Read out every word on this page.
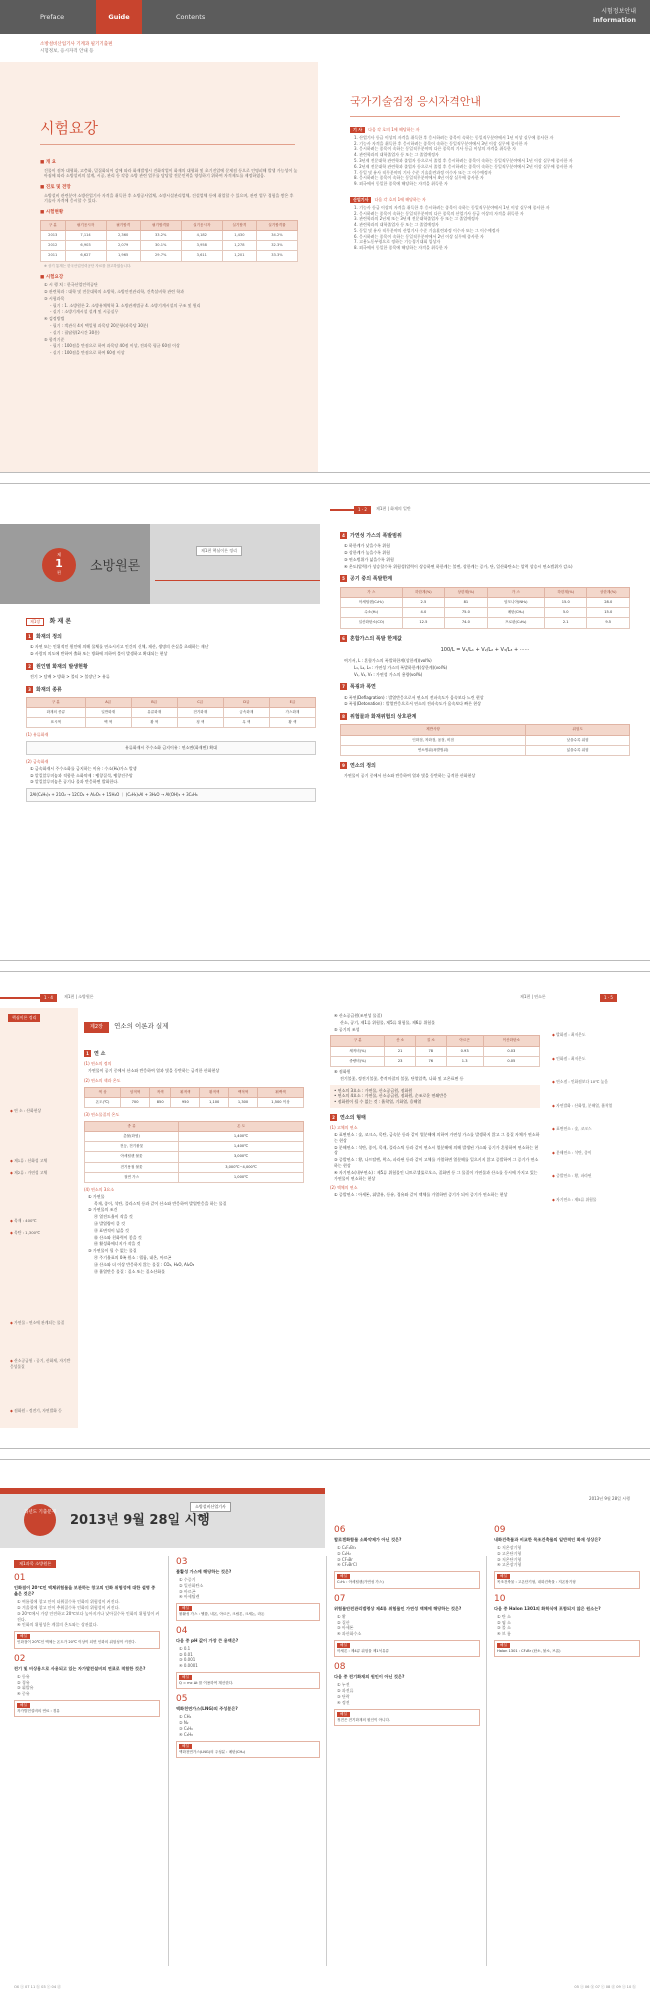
Preface	Guide	Contents
시험정보안내
information
소방설비산업기사 기계과 필기기출편
시험정보, 응시자격 안내 등
시험요강
■ 개 요
건물이 점차 대형화, 고층화, 밀집화되어 감에 따라 화재발생시 진화작업이 화재의 대형화 및 초기진압에 문제점 등으로 인명피해 발생 가능성이 높아짐에 따라 소방설비의 설계, 시공, 관리 등 각종 소방 관련 업무를 담당할 전문인력을 양성하기 위하여 자격제도를 제정하였음.
■ 진로 및 전망
소방설비 관련분야 소방산업기사 자격을 취득한 후 소방공사업체, 소방시설관리업체, 건설업체 등에 취업할 수 있으며, 관련 업무 경험을 쌓은 후 기술사 자격에 응시할 수 있다.
■ 시험현황
구 분	필기응시자	필기합격	필기합격률	실기응시자	실기합격	실기합격률
2013	7,114	2,360	33.2%	4,182	1,430	34.2%
2012	6,903	2,079	30.1%	3,958	1,278	32.3%
2011	6,627	1,965	29.7%	3,611	1,201	33.3%
※ 상기 통계는 한국산업인력공단 자료를 참고하였습니다.
■ 시험요강
① 시 행 처 : 한국산업인력공단
② 관련학과 : 대학 및 전문대학의 소방학, 소방안전관리학, 건축설비학 관련 학과
③ 시험과목
- 필기 : 1. 소방원론 2. 소방유체역학 3. 소방관계법규 4. 소방기계시설의 구조 및 원리
- 실기 : 소방기계시설 설계 및 시공실무
④ 검정방법
- 필기 : 객관식 4지 택일형 과목당 20문항(과목당 30분)
- 실기 : 필답형(2시간 30분)
⑤ 합격기준
- 필기 : 100점을 만점으로 하여 과목당 40점 이상, 전과목 평균 60점 이상
- 실기 : 100점을 만점으로 하여 60점 이상
국가기술검정 응시자격안내
기 사 다음 각 호의 1에 해당하는 자
1. 산업기사 등급 이상의 자격을 취득한 후 응시하려는 종목이 속하는 동일직무분야에서 1년 이상 실무에 종사한 자
2. 기능사 자격을 취득한 후 응시하려는 종목이 속하는 동일직무분야에서 3년 이상 실무에 종사한 자
3. 응시하려는 종목이 속하는 동일직무분야의 다른 종목의 기사 등급 이상의 자격을 취득한 자
4. 관련학과의 대학졸업자 등 또는 그 졸업예정자
5. 3년제 전문대학 관련학과 졸업자 등으로서 졸업 후 응시하려는 종목이 속하는 동일직무분야에서 1년 이상 실무에 종사한 자
6. 2년제 전문대학 관련학과 졸업자 등으로서 졸업 후 응시하려는 종목이 속하는 동일직무분야에서 2년 이상 실무에 종사한 자
7. 동일 및 유사 직무분야의 기사 수준 기술훈련과정 이수자 또는 그 이수예정자
8. 응시하려는 종목이 속하는 동일직무분야에서 4년 이상 실무에 종사한 자
9. 외국에서 동일한 종목에 해당하는 자격을 취득한 자
산업기사 다음 각 호의 1에 해당하는 자
1. 기능사 등급 이상의 자격을 취득한 후 응시하려는 종목이 속하는 동일직무분야에서 1년 이상 실무에 종사한 자
2. 응시하려는 종목이 속하는 동일직무분야의 다른 종목의 산업기사 등급 이상의 자격을 취득한 자
3. 관련학과의 2년제 또는 3년제 전문대학졸업자 등 또는 그 졸업예정자
4. 관련학과의 대학졸업자 등 또는 그 졸업예정자
5. 동일 및 유사 직무분야의 산업기사 수준 기술훈련과정 이수자 또는 그 이수예정자
6. 응시하려는 종목이 속하는 동일직무분야에서 2년 이상 실무에 종사한 자
7. 고용노동부령으로 정하는 기능경기대회 입상자
8. 외국에서 동일한 종목에 해당하는 자격을 취득한 자
1 · 2	제1편 | 화재의 일반
제
1
편
제1편 핵심이론 정리
소방원론
제1장 화 재 론
1 화재의 정의
① 자연 또는 인위적인 원인에 의해 물체를 연소시키고 인간의 신체, 재산, 생명의 손실을 초래하는 재난
② 사람의 의도에 반하여 출화 또는 방화에 의하여 불이 발생하고 확대되는 현상
2 원인별 화재의 발생현황
전기 > 담배 > 방화 > 불티 > 불장난 > 유류
3 화재의 종류
구 분	A급	B급	C급	D급	E급
화재의 종류	일반화재	유류화재	전기화재	금속화재	가스화재
표시색	백 색	황 색	청 색	무 색	황 색
(1) 유류화재
유류화재시 주수소화 금지이유 : 연소면(화재면) 확대
(2) 금속화재
① 금속화재시 주수소화를 금지하는 이유 : 수소(H₂)가스 발생
② 알킬알루미늄과 적합한 소화약제 : 팽창질석, 팽창진주암
③ 알킬알루미늄은 공기나 물과 반응하면 발화한다.
2Al(C₂H₅)₃ + 21O₂ → 12CO₂ + Al₂O₃ + 15H₂O ｜ (C₂H₅)₃Al + 3H₂O → Al(OH)₃ + 3C₂H₆
4 가연성 가스의 폭발범위
① 하한계가 낮을수록 위험
② 상한계가 높을수록 위험
③ 연소범위가 넓을수록 위험
④ 온도(압력)가 상승할수록 위험성(압력이 상승하면 하한계는 불변, 상한계는 증가, 단, 일산화탄소는 압력 상승시 연소범위가 감소)
5 공기 중의 폭발한계
가 스	하한계(%)	상한계(%)	가 스	하한계(%)	상한계(%)
아세틸렌(C₂H₂)	2.5	81	암모니아(NH₃)	15.0	28.0
수소(H₂)	4.0	75.0	메탄(CH₄)	5.0	15.0
일산화탄소(CO)	12.5	74.0	프로판(C₃H₈)	2.1	9.5
6 혼합가스의 폭발 한계값
100/L = V₁/L₁ + V₂/L₂ + V₃/L₃ + ······
여기서, L : 혼합가스의 폭발하한계(상한계)(vol%)
L₁, L₂, L₃ : 가연성 가스의 폭발하한계(상한계)(vol%)
V₁, V₂, V₃ : 가연성 가스의 용량(vol%)
7 폭굉과 폭연
① 폭연(Deflagration) : 발열반응으로서 연소의 전파속도가 음속보다 느린 현상
② 폭굉(Detonation) : 발열반응으로서 연소의 전파속도가 음속보다 빠른 현상
8 위험물과 화재위험의 상호관계
제반사항	위험도
인화점, 착화점, 융점, 비점	낮을수록 위험
연소범위(폭발범위)	넓을수록 위험
9 연소의 정의
가연물이 공기 중에서 산소와 반응하여 열과 빛을 동반하는 급격한 산화현상
1 · 4	제1편 | 소방원론	제1편 | 연소론	1 · 5
핵심이론 정리
◆ 연 소 : 산화현상
◆ 제1류 : 산화성 고체
◆ 제2류 : 가연성 고체
◆ 목재 : 400℃
◆ 목탄 : 1,300℃
◆ 가연물 : 연소에 관계되는 물질
◆ 산소공급원 : 공기, 산화제, 자기반응성물질
◆ 점화원 : 정전기, 자연발화 등
제2장 연소의 이론과 실제
1 연 소
(1) 연소의 정의
가연물이 공기 중에서 산소와 반응하여 열과 빛을 동반하는 급격한 산화현상
(2) 연소의 색과 온도
색 상	암적색	적색	휘적색	황적색	백적색	휘백색
온도(℃)	700	850	950	1,100	1,300	1,500 이상
(3) 연소물질의 온도
종 류	온 도
촛불(화염)	1,400℃
전등, 전기불꽃	1,400℃
아세틸렌 불꽃	3,000℃
전기용접 불꽃	3,000℃~4,000℃
절연 가스	1,000℃
(4) 연소의 3요소
① 가연물
목재, 종이, 석탄, 플라스틱 등과 같이 산소와 반응하여 발열반응을 하는 물질
② 가연물의 조건
㉮ 열전도율이 작을 것
㉯ 발열량이 클 것
㉰ 표면적이 넓을 것
㉱ 산소와 친화력이 좋을 것
㉲ 활성화에너지가 작을 것
③ 가연물이 될 수 없는 물질
㉮ 주기율표의 0족 원소 : 헬륨, 네온, 아르곤
㉯ 산소와 더 이상 반응하지 않는 물질 : CO₂, H₂O, Al₂O₃
㉰ 흡열반응 물질 : 질소 또는 질소산화물
④ 산소공급원(조연성 물질)
산소, 공기, 제1류 위험물, 제5류 위험물, 제6류 위험물
⑤ 공기의 조성
구 분	산 소	질 소	아르곤	이산화탄소
체적비(%)	21	78	0.93	0.03
중량비(%)	23	76	1.3	0.05
⑥ 점화원
전기불꽃, 정전기불꽃, 충격마찰의 불꽃, 단열압축, 나화 및 고온표면 등
• 연소의 3요소 : 가연물, 산소공급원, 점화원
• 연소의 4요소 : 가연물, 산소공급원, 점화원, 순조로운 연쇄반응
• 점화원이 될 수 없는 것 : 흡착열, 기화열, 융해열
2 연소의 형태
(1) 고체의 연소
① 표면연소 : 숯, 코크스, 목탄, 금속분 등과 같이 열분해에 의하여 가연성 가스를 발생하지 않고 그 물질 자체가 연소하는 현상
② 분해연소 : 석탄, 종이, 목재, 플라스틱 등과 같이 연소시 열분해에 의해 발생된 가스와 공기가 혼합하여 연소하는 현상
③ 증발연소 : 황, 나프탈렌, 왁스, 파라핀 등과 같이 고체를 가열하면 열분해를 일으키지 않고 증발하여 그 증기가 연소하는 현상
④ 자기연소(내부연소) : 제5류 위험물인 니트로셀룰로오스, 질화면 등 그 물질이 가연물과 산소를 동시에 가지고 있는 가연물이 연소하는 현상
(2) 액체의 연소
① 증발연소 : 아세톤, 휘발유, 등유, 경유와 같이 액체를 가열하면 증기가 되어 증기가 연소하는 현상
◆ 발화점 : 최저온도
◆ 인화점 : 최저온도
◆ 연소점 : 인화점보다 10℃ 높음
◆ 자연발화 : 산화열, 분해열, 흡착열
◆ 표면연소 : 숯, 코크스
◆ 분해연소 : 석탄, 종이
◆ 증발연소 : 황, 파라핀
◆ 자기연소 : 제5류 위험물
과년도 기출문제
소방설비산업기사
2013년 9월 28일 시행
2013년 9월 28일 시행
제1과목 소방원론
01
인화점이 20℃인 액체위험물을 보관하는 창고의 인화 위험성에 대한 설명 중 옳은 것은?
① 여름철에 창고 안이 더워질수록 인화의 위험성이 커진다.
② 겨울철에 창고 안이 추워질수록 인화의 위험성이 커진다.
③ 20℃에서 가장 안전하고 20℃보다 높아지거나 낮아질수록 인화의 위험성이 커진다.
④ 인화의 위험성은 계절의 온도와는 상관없다.
해설
인화점이 20℃인 액체는 온도가 20℃ 이상이 되면 인화의 위험성이 커진다.
02
전기 및 비상용으로 사용되고 있는 자가발전설비의 연료로 적합한 것은?
① 등유
② 경유
③ 휘발유
④ 중유
해설
자가발전설비의 연료 : 경유
03
불활성 가스에 해당하는 것은?
① 수증기
② 일산화탄소
③ 아르곤
④ 아세틸렌
해설
불활성 가스 : 헬륨, 네온, 아르곤, 크립톤, 크세논, 라돈
04
다음 중 pH 값이 가장 큰 용액은?
① 0.1
② 0.01
③ 0.001
④ 0.0001
해설
Q = mc Δt 를 이용하여 계산한다.
05
액화천연가스(LNG)의 주성분은?
① CH₄
② N₂
③ C₂H₆
④ C₃H₈
해설
액화천연가스(LNG)의 주성분 : 메탄(CH₄)
06
할로겐화합물 소화약제가 아닌 것은?
① C₂F₄Br₂
② C₂H₂
③ CF₃Br
④ CF₂BrCl
해설
C₂H₂ : 아세틸렌(가연성 가스)
07
위험물안전관리법령상 제4류 위험물인 가연성 액체에 해당하는 것은?
① 황
② 질산
③ 아세톤
④ 과산화수소
해설
아세톤 : 제4류 위험물 제1석유류
08
다음 중 전기화재의 원인이 아닌 것은?
① 누전
② 과전류
③ 단락
④ 정전
해설
정전은 전기화재의 원인이 아니다.
09
내화건축물과 비교한 목조건축물의 일반적인 화재 성상은?
① 저온장기형
② 고온단기형
③ 저온단기형
④ 고온장기형
해설
목조건축물 : 고온단기형, 내화건축물 : 저온장기형
10
다음 중 Halon 1301의 화학식에 포함되지 않은 원소는?
① 탄 소
② 염 소
③ 불 소
④ 브 롬
해설
Halon 1301 : CF₃Br (탄소, 불소, 브롬)
OX ⓐ 07 11 ⓑ 03 ⓒ 04 ⓓ	05 ⓐ 06 ⓑ 07 ⓒ 08 ⓓ 09 ⓐ 10 ⓑ
